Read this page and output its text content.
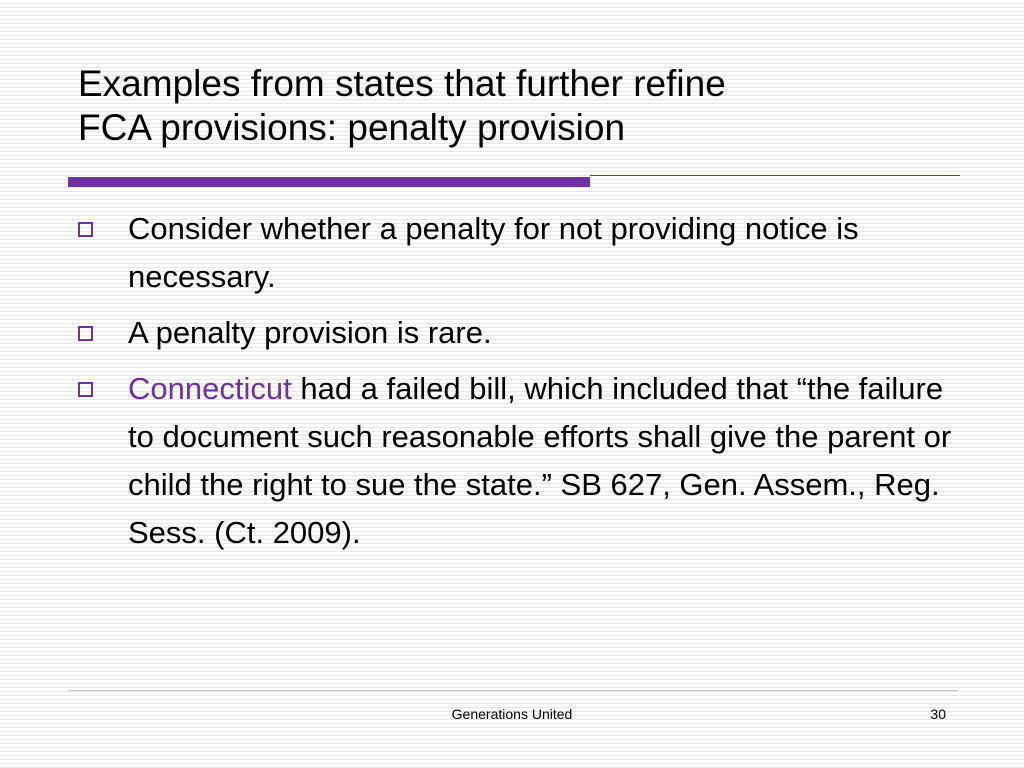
Examples from states that further refine
FCA provisions: penalty provision
Consider whether a penalty for not providing notice is necessary.
A penalty provision is rare.
Connecticut had a failed bill, which included that “the failure to document such reasonable efforts shall give the parent or child the right to sue the state.” SB 627, Gen. Assem., Reg. Sess. (Ct. 2009).
Generations United	30
